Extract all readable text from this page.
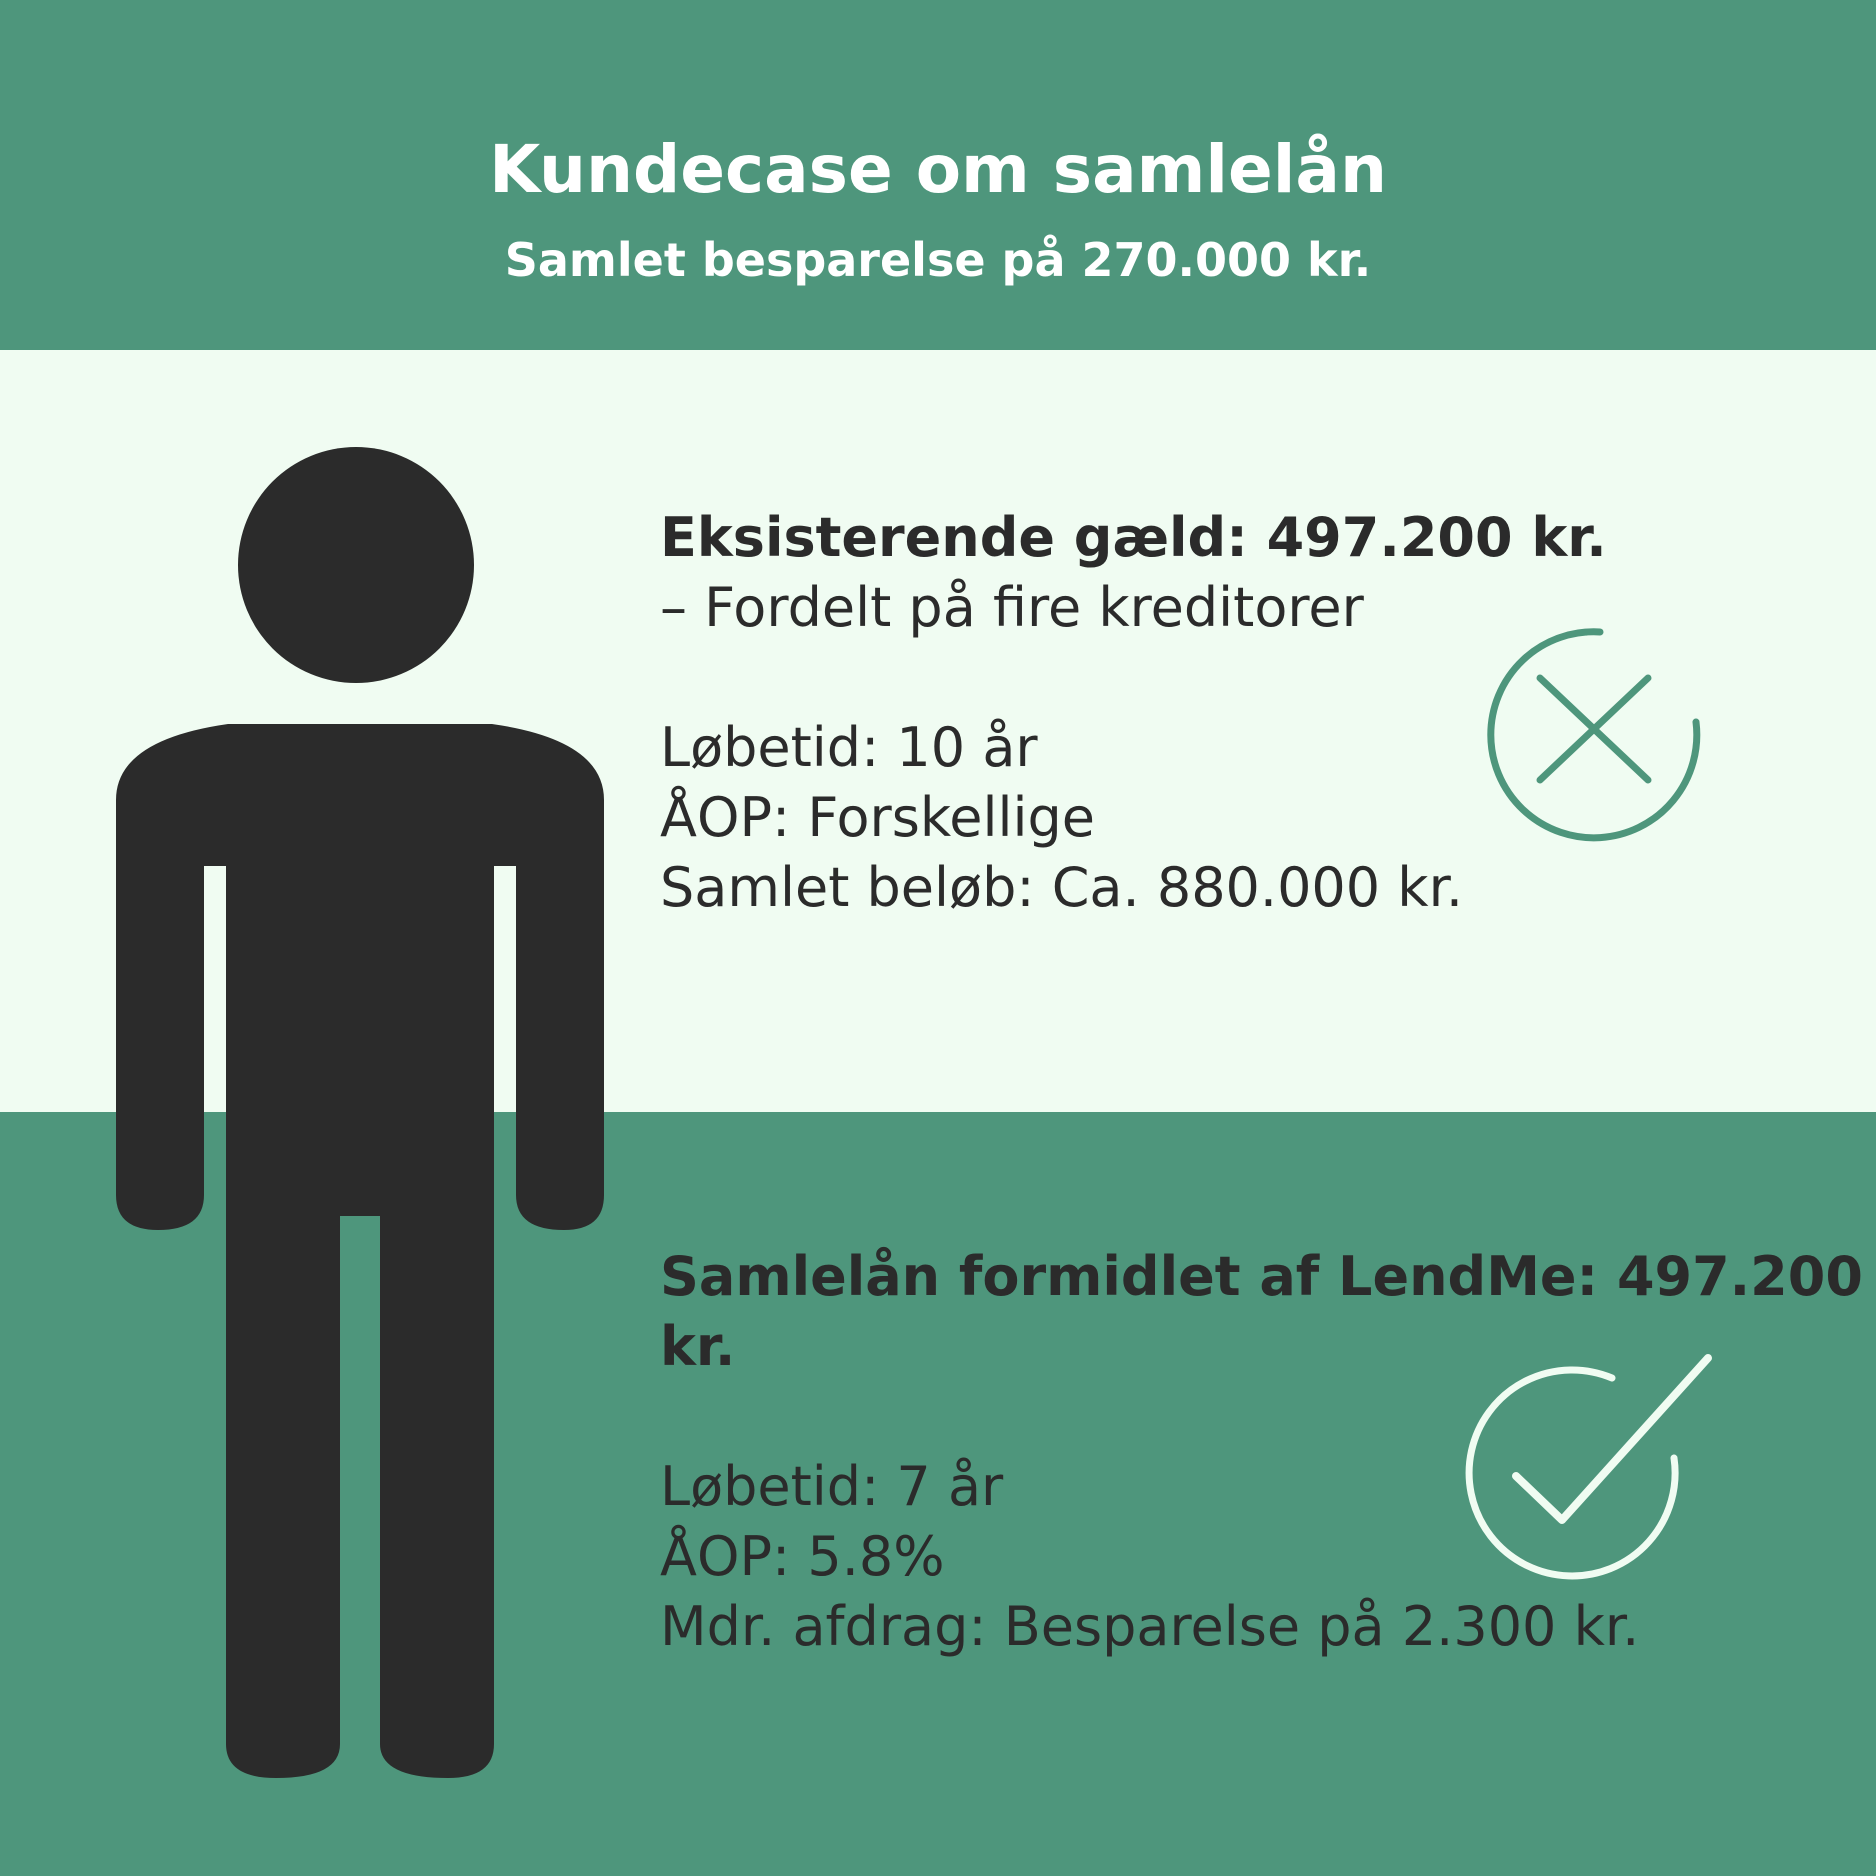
Kundecase om samlelån
Samlet besparelse på 270.000 kr.
Eksisterende gæld: 497.200 kr.
– Fordelt på fire kreditorer
Løbetid: 10 år
ÅOP: Forskellige
Samlet beløb: Ca. 880.000 kr.
Samlelån formidlet af LendMe: 497.200
kr.
Løbetid: 7 år
ÅOP: 5.8%
Mdr. afdrag: Besparelse på 2.300 kr.
